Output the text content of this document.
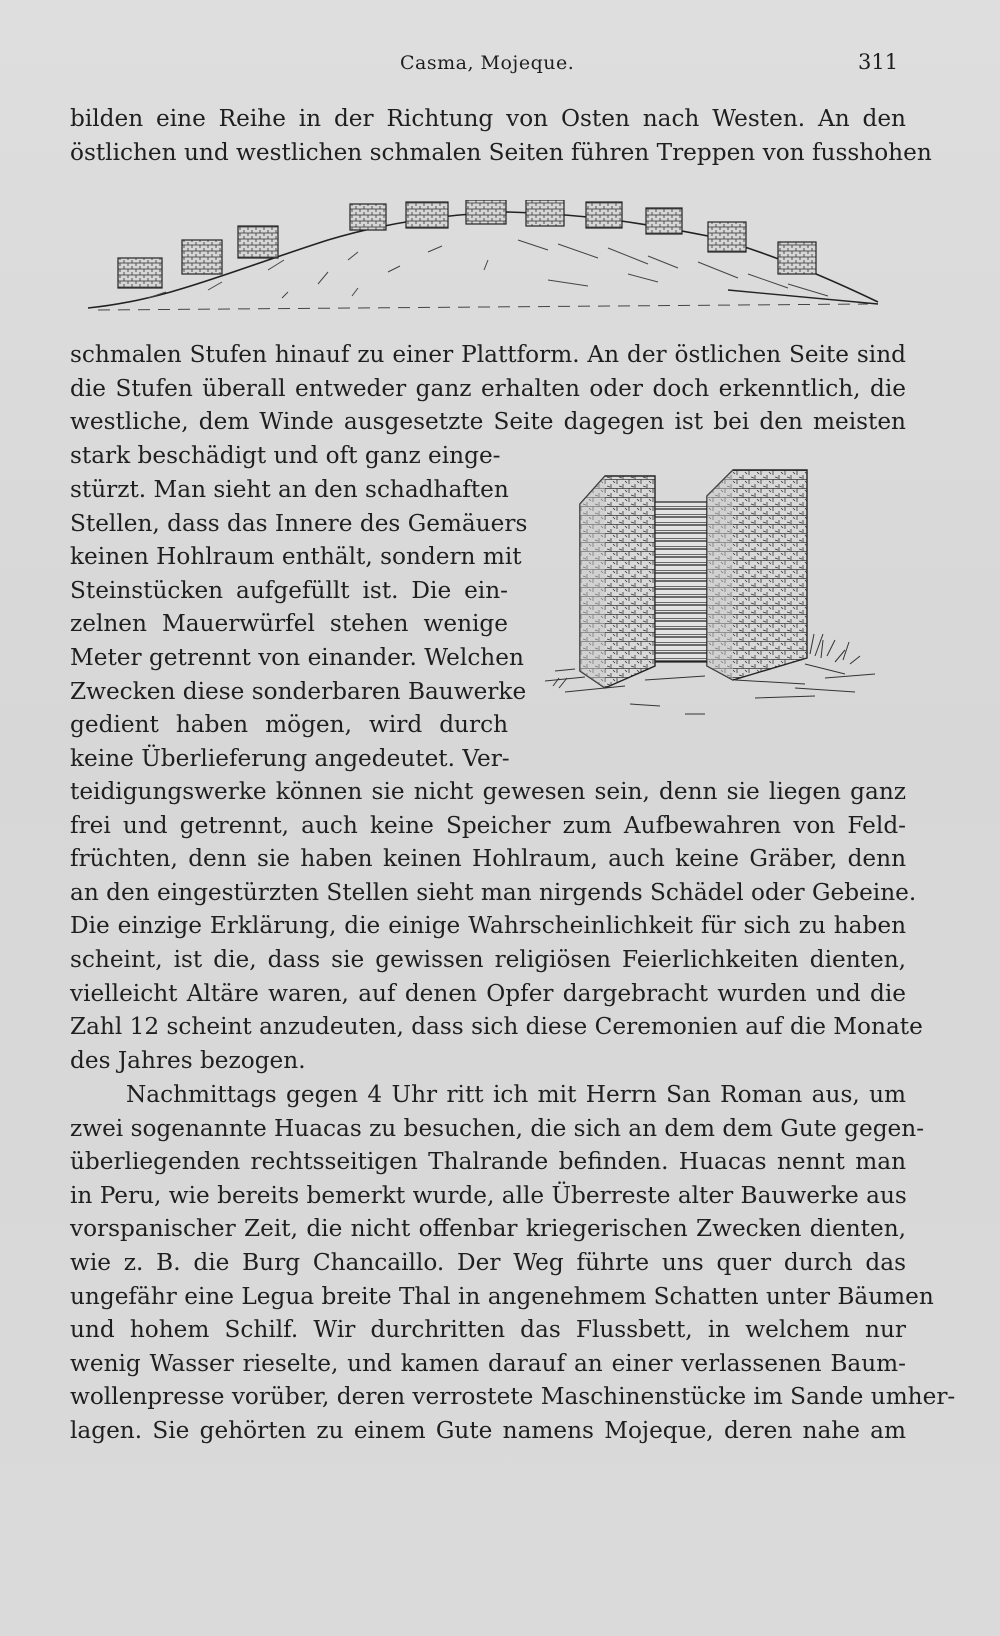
Casma, Mojeque.	311
bilden eine Reihe in der Richtung von Osten nach Westen. An den
östlichen und westlichen schmalen Seiten führen Treppen von fusshohen
schmalen Stufen hinauf zu einer Plattform. An der östlichen Seite sind
die Stufen überall entweder ganz erhalten oder doch erkenntlich, die
westliche, dem Winde ausgesetzte Seite dagegen ist bei den meisten
stark beschädigt und oft ganz einge-
stürzt. Man sieht an den schadhaften
Stellen, dass das Innere des Gemäuers
keinen Hohlraum enthält, sondern mit
Steinstücken aufgefüllt ist. Die ein-
zelnen Mauerwürfel stehen wenige
Meter getrennt von einander. Welchen
Zwecken diese sonderbaren Bauwerke
gedient haben mögen, wird durch
keine Überlieferung angedeutet. Ver-
teidigungswerke können sie nicht gewesen sein, denn sie liegen ganz
frei und getrennt, auch keine Speicher zum Aufbewahren von Feld-
früchten, denn sie haben keinen Hohlraum, auch keine Gräber, denn
an den eingestürzten Stellen sieht man nirgends Schädel oder Gebeine.
Die einzige Erklärung, die einige Wahrscheinlichkeit für sich zu haben
scheint, ist die, dass sie gewissen religiösen Feierlichkeiten dienten,
vielleicht Altäre waren, auf denen Opfer dargebracht wurden und die
Zahl 12 scheint anzudeuten, dass sich diese Ceremonien auf die Monate
des Jahres bezogen.
Nachmittags gegen 4 Uhr ritt ich mit Herrn San Roman aus, um
zwei sogenannte Huacas zu besuchen, die sich an dem dem Gute gegen-
überliegenden rechtsseitigen Thalrande befinden. Huacas nennt man
in Peru, wie bereits bemerkt wurde, alle Überreste alter Bauwerke aus
vorspanischer Zeit, die nicht offenbar kriegerischen Zwecken dienten,
wie z. B. die Burg Chancaillo. Der Weg führte uns quer durch das
ungefähr eine Legua breite Thal in angenehmem Schatten unter Bäumen
und hohem Schilf. Wir durchritten das Flussbett, in welchem nur
wenig Wasser rieselte, und kamen darauf an einer verlassenen Baum-
wollenpresse vorüber, deren verrostete Maschinenstücke im Sande umher-
lagen. Sie gehörten zu einem Gute namens Mojeque, deren nahe am
